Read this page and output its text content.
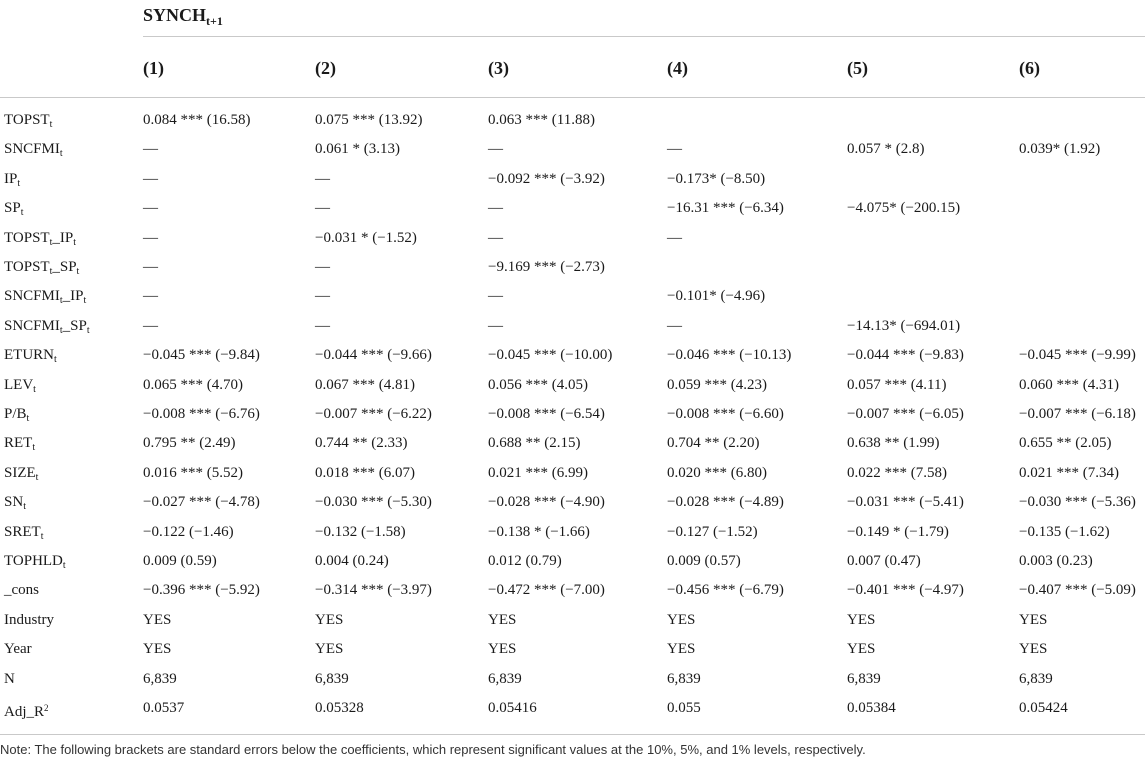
$SYNCH_{t+1}$
(1)	(2)	(3)	(4)	(5)	(6)
$TOPST_t$	0.084 *** (16.58)	0.075 *** (13.92)	0.063 *** (11.88)
$SNCFMI_t$	—	0.061 * (3.13)	—	—	0.057 * (2.8)	0.039* (1.92)
$IP_t$	—	—	−0.092 *** (−3.92)	−0.173* (−8.50)
$SP_t$	—	—	—	−16.31 *** (−6.34)	−4.075* (−200.15)
$TOPST_t\_IP_t$	—	−0.031 * (−1.52)	—	—
$TOPST_t\_SP_t$	—	—	−9.169 *** (−2.73)
$SNCFMI_t\_IP_t$	—	—	—	−0.101* (−4.96)
$SNCFMI_t\_SP_t$	—	—	—	—	−14.13* (−694.01)
$ETURN_t$	−0.045 *** (−9.84)	−0.044 *** (−9.66)	−0.045 *** (−10.00)	−0.046 *** (−10.13)	−0.044 *** (−9.83)	−0.045 *** (−9.99)
$LEV_t$	0.065 *** (4.70)	0.067 *** (4.81)	0.056 *** (4.05)	0.059 *** (4.23)	0.057 *** (4.11)	0.060 *** (4.31)
$P/B_t$	−0.008 *** (−6.76)	−0.007 *** (−6.22)	−0.008 *** (−6.54)	−0.008 *** (−6.60)	−0.007 *** (−6.05)	−0.007 *** (−6.18)
$RET_t$	0.795 ** (2.49)	0.744 ** (2.33)	0.688 ** (2.15)	0.704 ** (2.20)	0.638 ** (1.99)	0.655 ** (2.05)
$SIZE_t$	0.016 *** (5.52)	0.018 *** (6.07)	0.021 *** (6.99)	0.020 *** (6.80)	0.022 *** (7.58)	0.021 *** (7.34)
$SN_t$	−0.027 *** (−4.78)	−0.030 *** (−5.30)	−0.028 *** (−4.90)	−0.028 *** (−4.89)	−0.031 *** (−5.41)	−0.030 *** (−5.36)
$SRET_t$	−0.122 (−1.46)	−0.132 (−1.58)	−0.138 * (−1.66)	−0.127 (−1.52)	−0.149 * (−1.79)	−0.135 (−1.62)
$TOPHLD_t$	0.009 (0.59)	0.004 (0.24)	0.012 (0.79)	0.009 (0.57)	0.007 (0.47)	0.003 (0.23)
_cons	−0.396 *** (−5.92)	−0.314 *** (−3.97)	−0.472 *** (−7.00)	−0.456 *** (−6.79)	−0.401 *** (−4.97)	−0.407 *** (−5.09)
Industry	YES	YES	YES	YES	YES	YES
Year	YES	YES	YES	YES	YES	YES
N	6,839	6,839	6,839	6,839	6,839	6,839
$Adj\_R^2$	0.0537	0.05328	0.05416	0.055	0.05384	0.05424
Note: The following brackets are standard errors below the coefficients, which represent significant values at the 10%, 5%, and 1% levels, respectively.
